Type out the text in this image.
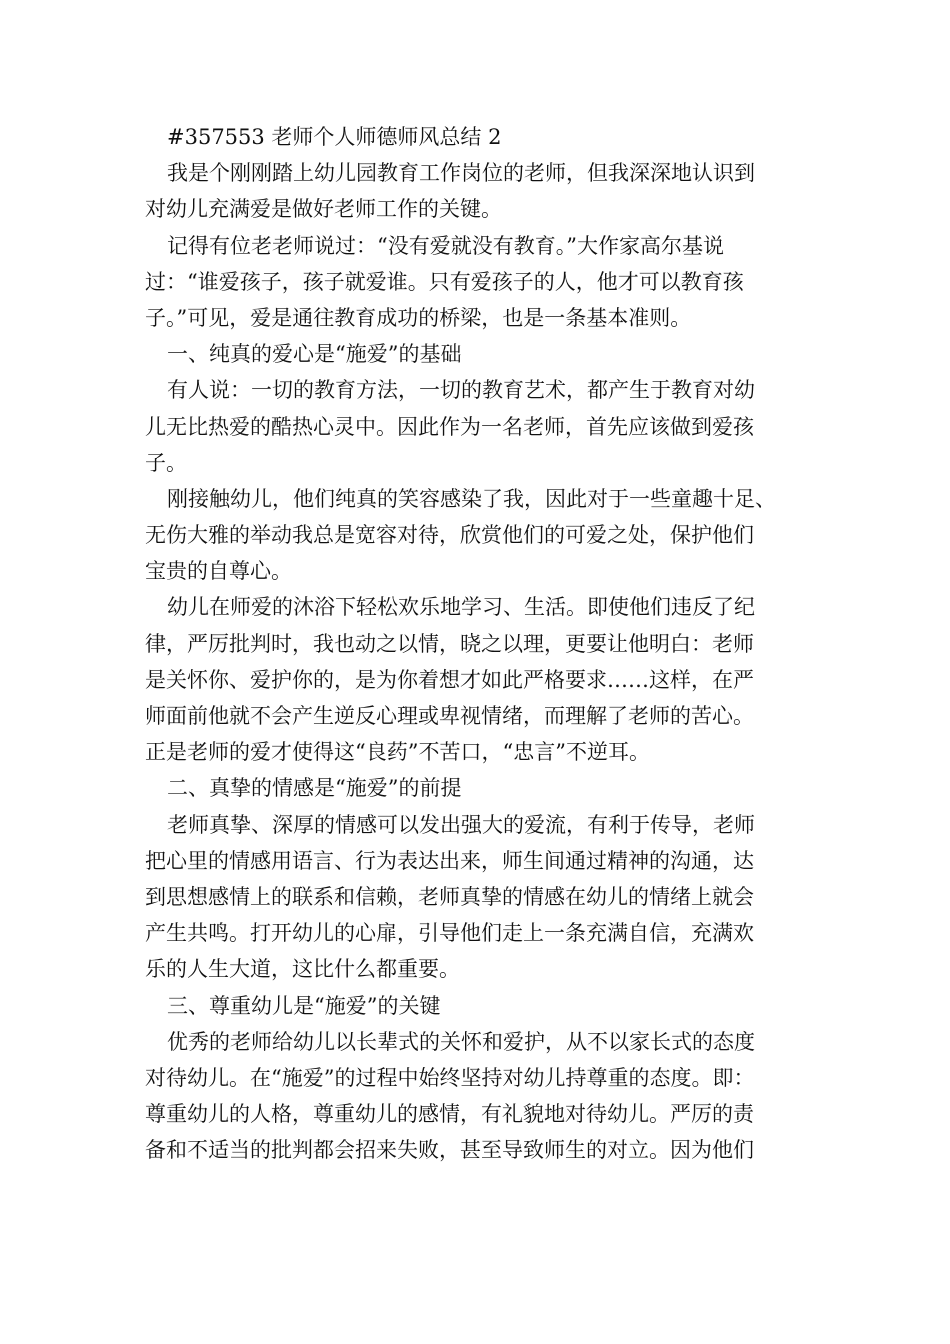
#357553 老师个人师德师风总结 2
我是个刚刚踏上幼儿园教育工作岗位的老师，但我深深地认识到
对幼儿充满爱是做好老师工作的关键。
记得有位老老师说过：“没有爱就没有教育。”大作家高尔基说
过：“谁爱孩子，孩子就爱谁。只有爱孩子的人，他才可以教育孩
子。”可见，爱是通往教育成功的桥梁，也是一条基本准则。
一、纯真的爱心是“施爱”的基础
有人说：一切的教育方法，一切的教育艺术，都产生于教育对幼
儿无比热爱的酷热心灵中。因此作为一名老师，首先应该做到爱孩
子。
刚接触幼儿，他们纯真的笑容感染了我，因此对于一些童趣十足、
无伤大雅的举动我总是宽容对待，欣赏他们的可爱之处，保护他们
宝贵的自尊心。
幼儿在师爱的沐浴下轻松欢乐地学习、生活。即使他们违反了纪
律，严厉批判时，我也动之以情，晓之以理，更要让他明白：老师
是关怀你、爱护你的，是为你着想才如此严格要求……这样，在严
师面前他就不会产生逆反心理或卑视情绪，而理解了老师的苦心。
正是老师的爱才使得这“良药”不苦口，“忠言”不逆耳。
二、真挚的情感是“施爱”的前提
老师真挚、深厚的情感可以发出强大的爱流，有利于传导，老师
把心里的情感用语言、行为表达出来，师生间通过精神的沟通，达
到思想感情上的联系和信赖，老师真挚的情感在幼儿的情绪上就会
产生共鸣。打开幼儿的心扉，引导他们走上一条充满自信，充满欢
乐的人生大道，这比什么都重要。
三、尊重幼儿是“施爱”的关键
优秀的老师给幼儿以长辈式的关怀和爱护，从不以家长式的态度
对待幼儿。在“施爱”的过程中始终坚持对幼儿持尊重的态度。即：
尊重幼儿的人格，尊重幼儿的感情，有礼貌地对待幼儿。严厉的责
备和不适当的批判都会招来失败，甚至导致师生的对立。因为他们
